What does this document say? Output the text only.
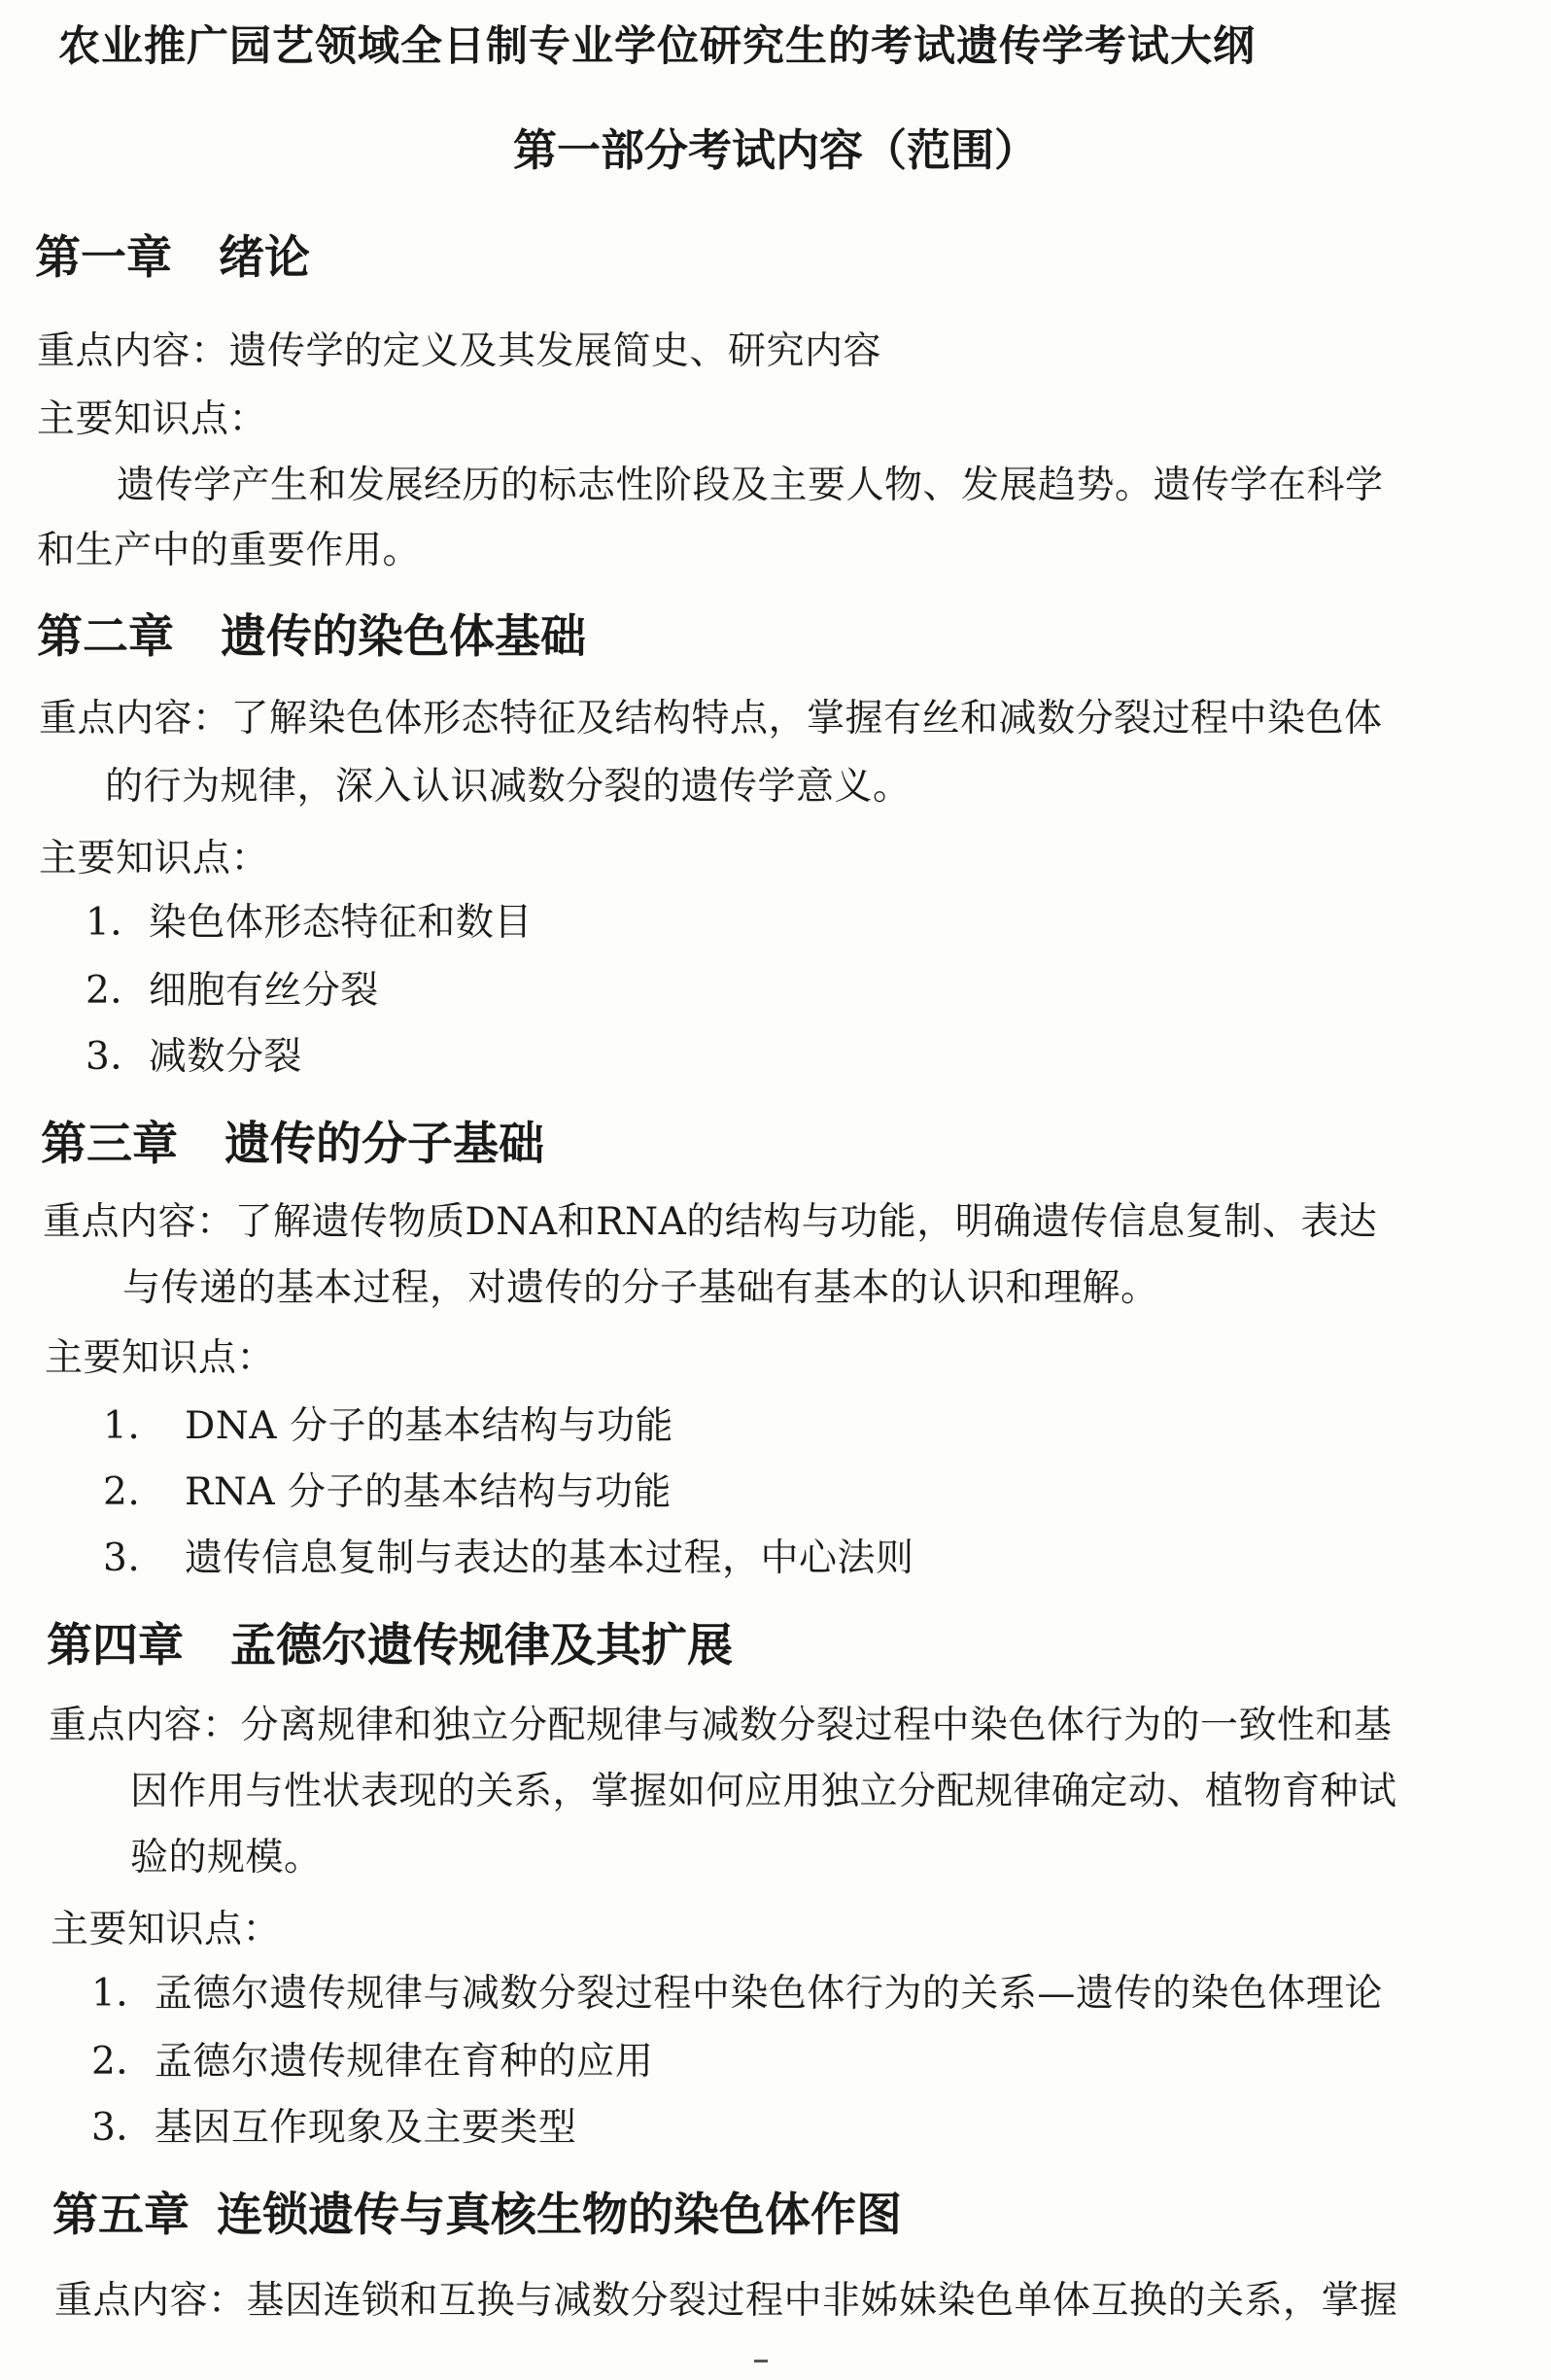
农业推广园艺领域全日制专业学位研究生的考试遗传学考试大纲
第一部分考试内容（范围）
第一章 绪论
重点内容：遗传学的定义及其发展简史、研究内容
主要知识点：
遗传学产生和发展经历的标志性阶段及主要人物、发展趋势。遗传学在科学
和生产中的重要作用。
第二章 遗传的染色体基础
重点内容：了解染色体形态特征及结构特点，掌握有丝和减数分裂过程中染色体
的行为规律，深入认识减数分裂的遗传学意义。
主要知识点：
1．染色体形态特征和数目
2．细胞有丝分裂
3．减数分裂
第三章 遗传的分子基础
重点内容：了解遗传物质DNA和RNA的结构与功能，明确遗传信息复制、表达
与传递的基本过程，对遗传的分子基础有基本的认识和理解。
主要知识点：
1. DNA 分子的基本结构与功能
2. RNA 分子的基本结构与功能
3. 遗传信息复制与表达的基本过程，中心法则
第四章 孟德尔遗传规律及其扩展
重点内容：分离规律和独立分配规律与减数分裂过程中染色体行为的一致性和基
因作用与性状表现的关系，掌握如何应用独立分配规律确定动、植物育种试
验的规模。
主要知识点：
1．孟德尔遗传规律与减数分裂过程中染色体行为的关系—遗传的染色体理论
2．孟德尔遗传规律在育种的应用
3．基因互作现象及主要类型
第五章 连锁遗传与真核生物的染色体作图
重点内容：基因连锁和互换与减数分裂过程中非姊妹染色单体互换的关系，掌握
